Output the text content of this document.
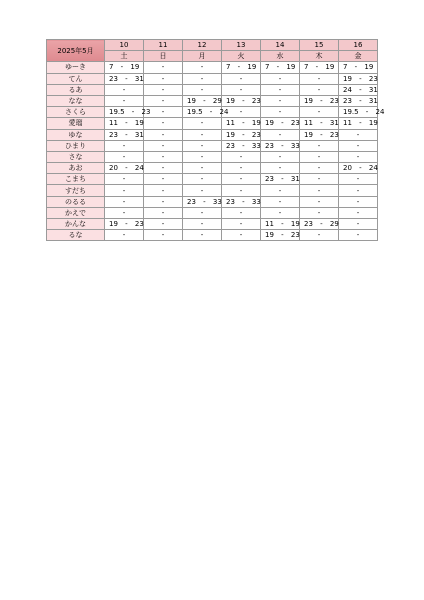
2025年5月	10	11	12	13	14	15	16
	土	日	月	火	水	木	金
ゆーき	7 - 19	-	-	7 - 19	7 - 19	7 - 19	7 - 19
てん	23 - 31	-	-	-	-	-	19 - 23
るあ	-	-	-	-	-	-	24 - 31
なな	-	-	19 - 29	19 - 23	-	19 - 23	23 - 31
さくら	19.5 - 23	-	19.5 - 24	-	-	-	19.5 - 24
愛瑠	11 - 19	-	-	11 - 19	19 - 23	11 - 31	11 - 19
ゆな	23 - 31	-	-	19 - 23	-	19 - 23	-
ひまり	-	-	-	23 - 33	23 - 33	-	-
さな	-	-	-	-	-	-	-
あお	20 - 24	-	-	-	-	-	20 - 24
こまち	-	-	-	-	23 - 31	-	-
すだち	-	-	-	-	-	-	-
のるる	-	-	23 - 33	23 - 33	-	-	-
かえで	-	-	-	-	-	-	-
かんな	19 - 23	-	-	-	11 - 19	23 - 29	-
るな	-	-	-	-	19 - 23	-	-
